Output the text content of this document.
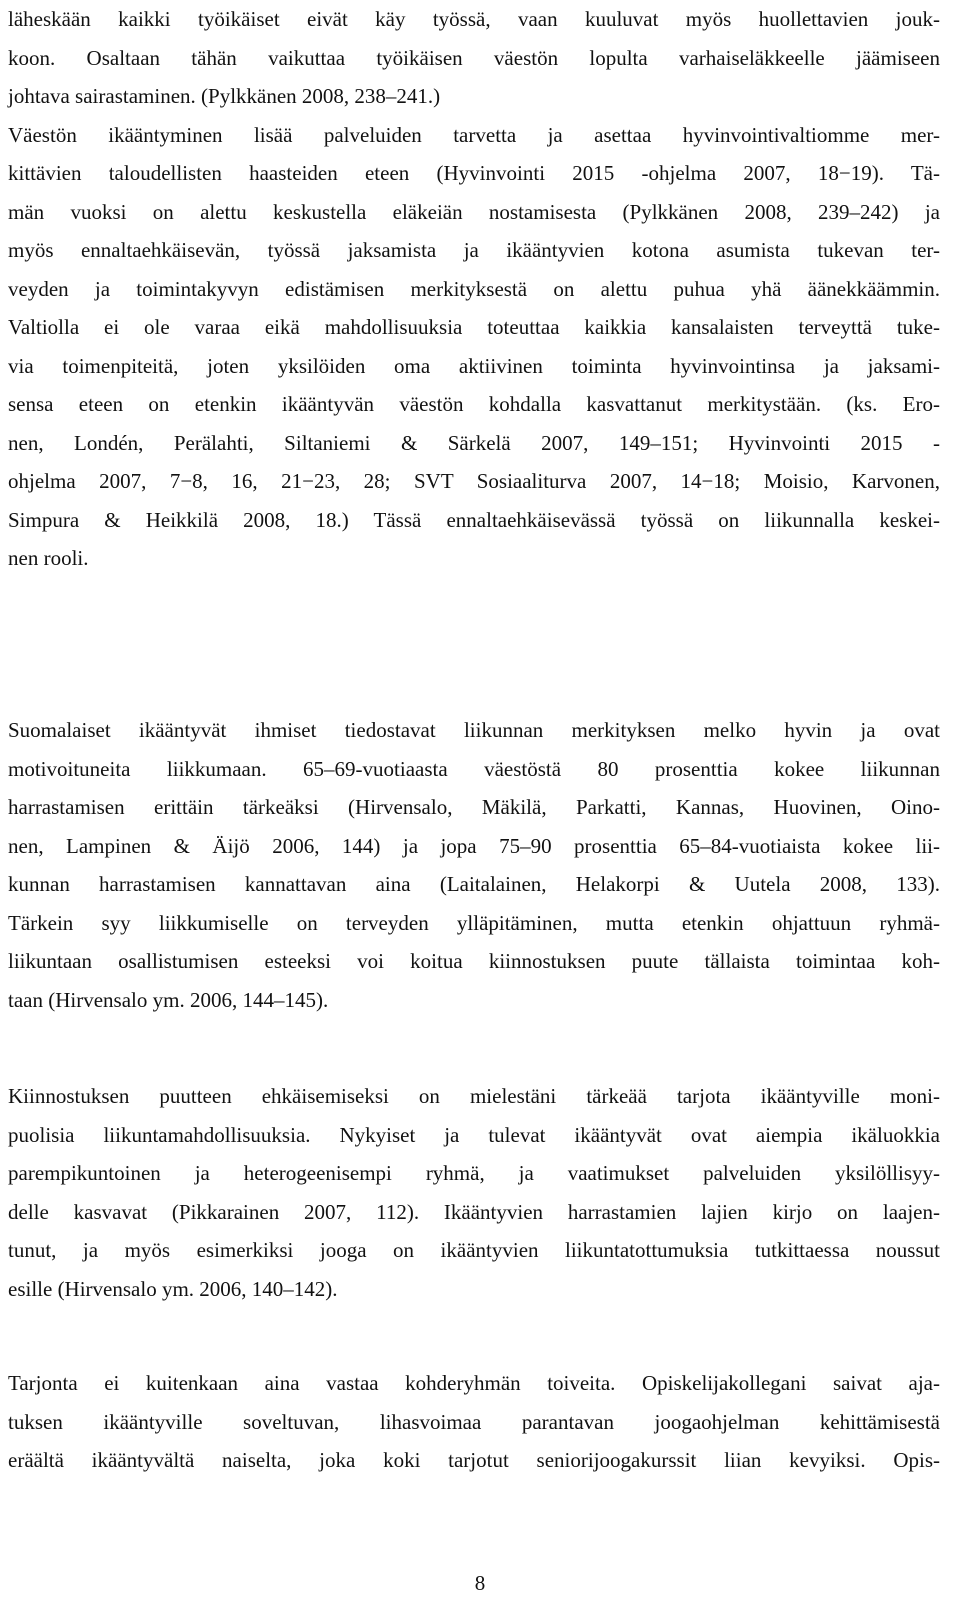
läheskään kaikki työikäiset eivät käy työssä, vaan kuuluvat myös huollettavien jouk-
koon. Osaltaan tähän vaikuttaa työikäisen väestön lopulta varhaiseläkkeelle jäämiseen
johtava sairastaminen. (Pylkkänen 2008, 238–241.)
Väestön ikääntyminen lisää palveluiden tarvetta ja asettaa hyvinvointivaltiomme mer-
kittävien taloudellisten haasteiden eteen (Hyvinvointi 2015 -ohjelma 2007, 18−19). Tä-
män vuoksi on alettu keskustella eläkeiän nostamisesta (Pylkkänen 2008, 239–242) ja
myös ennaltaehkäisevän, työssä jaksamista ja ikääntyvien kotona asumista tukevan ter-
veyden ja toimintakyvyn edistämisen merkityksestä on alettu puhua yhä äänekkäämmin.
Valtiolla ei ole varaa eikä mahdollisuuksia toteuttaa kaikkia kansalaisten terveyttä tuke-
via toimenpiteitä, joten yksilöiden oma aktiivinen toiminta hyvinvointinsa ja jaksami-
sensa eteen on etenkin ikääntyvän väestön kohdalla kasvattanut merkitystään. (ks. Ero-
nen, Londén, Perälahti, Siltaniemi & Särkelä 2007, 149–151; Hyvinvointi 2015 -
ohjelma 2007, 7−8, 16, 21−23, 28; SVT Sosiaaliturva 2007, 14−18; Moisio, Karvonen,
Simpura & Heikkilä 2008, 18.) Tässä ennaltaehkäisevässä työssä on liikunnalla keskei-
nen rooli.
Suomalaiset ikääntyvät ihmiset tiedostavat liikunnan merkityksen melko hyvin ja ovat
motivoituneita liikkumaan. 65–69-vuotiaasta väestöstä 80 prosenttia kokee liikunnan
harrastamisen erittäin tärkeäksi (Hirvensalo, Mäkilä, Parkatti, Kannas, Huovinen, Oino-
nen, Lampinen & Äijö 2006, 144) ja jopa 75–90 prosenttia 65–84-vuotiaista kokee lii-
kunnan harrastamisen kannattavan aina (Laitalainen, Helakorpi & Uutela 2008, 133).
Tärkein syy liikkumiselle on terveyden ylläpitäminen, mutta etenkin ohjattuun ryhmä-
liikuntaan osallistumisen esteeksi voi koitua kiinnostuksen puute tällaista toimintaa koh-
taan (Hirvensalo ym. 2006, 144–145).
Kiinnostuksen puutteen ehkäisemiseksi on mielestäni tärkeää tarjota ikääntyville moni-
puolisia liikuntamahdollisuuksia. Nykyiset ja tulevat ikääntyvät ovat aiempia ikäluokkia
parempikuntoinen ja heterogeenisempi ryhmä, ja vaatimukset palveluiden yksilöllisyy-
delle kasvavat (Pikkarainen 2007, 112). Ikääntyvien harrastamien lajien kirjo on laajen-
tunut, ja myös esimerkiksi jooga on ikääntyvien liikuntatottumuksia tutkittaessa noussut
esille (Hirvensalo ym. 2006, 140–142).
Tarjonta ei kuitenkaan aina vastaa kohderyhmän toiveita. Opiskelijakollegani saivat aja-
tuksen ikääntyville soveltuvan, lihasvoimaa parantavan joogaohjelman kehittämisestä
eräältä ikääntyvältä naiselta, joka koki tarjotut seniorijoogakurssit liian kevyiksi. Opis-
8
